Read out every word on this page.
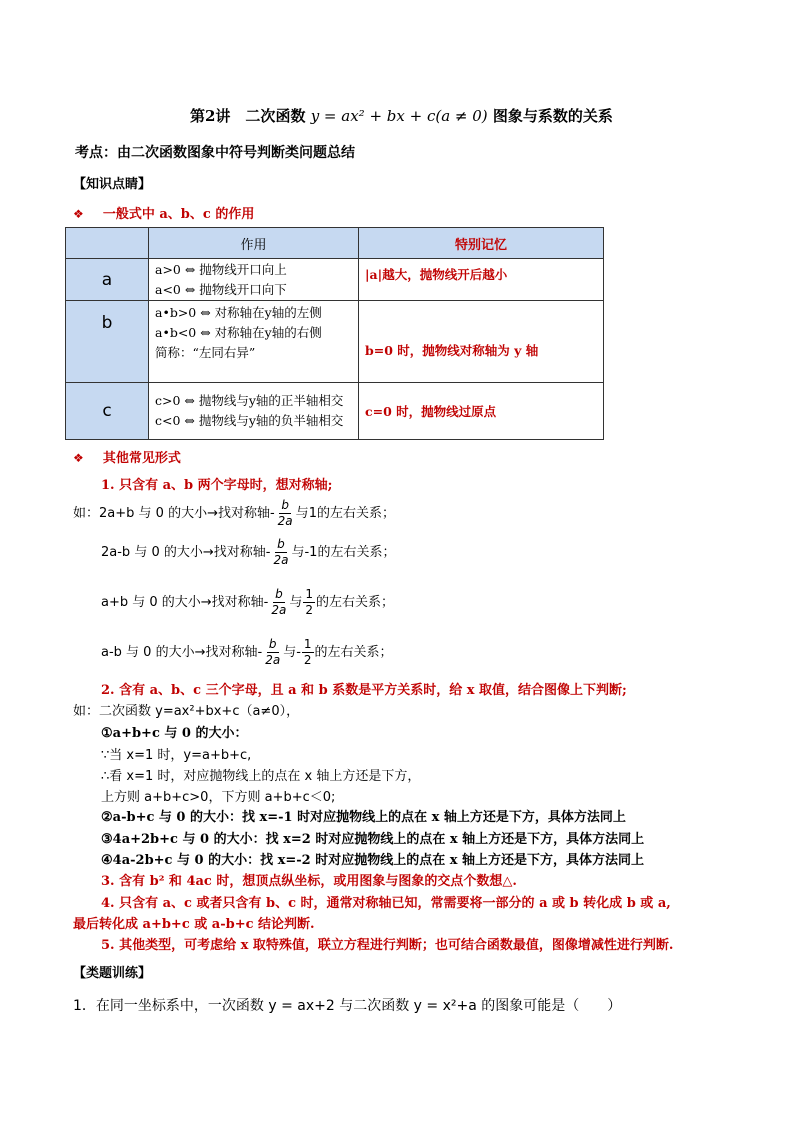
第2讲　二次函数 y = ax² + bx + c(a ≠ 0) 图象与系数的关系
考点：由二次函数图象中符号判断类问题总结
【知识点睛】
❖ 一般式中 a、b、c 的作用
	作用	特别记忆
a	a>0 ⇔ 抛物线开口向上
a<0 ⇔ 抛物线开口向下	|a|越大，抛物线开后越小
b	a•b>0 ⇔ 对称轴在y轴的左侧
a•b<0 ⇔ 对称轴在y轴的右侧
简称：“左同右异”	b=0 时，抛物线对称轴为 y 轴
c	c>0 ⇔ 抛物线与y轴的正半轴相交
c<0 ⇔ 抛物线与y轴的负半轴相交	c=0 时，抛物线过原点
❖ 其他常见形式
1. 只含有 a、b 两个字母时，想对称轴;
如：2a+b 与 0 的大小→找对称轴- $\frac{b}{2a}$ 与1的左右关系；
2a-b 与 0 的大小→找对称轴- $\frac{b}{2a}$ 与-1的左右关系；
a+b 与 0 的大小→找对称轴- $\frac{b}{2a}$ 与 $\frac{1}{2}$ 的左右关系；
a-b 与 0 的大小→找对称轴- $\frac{b}{2a}$ 与- $\frac{1}{2}$ 的左右关系；
2. 含有 a、b、c 三个字母，且 a 和 b 系数是平方关系时，给 x 取值，结合图像上下判断;
如：二次函数 y=ax²+bx+c（a≠0），
①a+b+c 与 0 的大小：
∵当 x=1 时，y=a+b+c,
∴看 x=1 时，对应抛物线上的点在 x 轴上方还是下方，
上方则 a+b+c>0，下方则 a+b+c＜0;
②a-b+c 与 0 的大小：找 x=-1 时对应抛物线上的点在 x 轴上方还是下方，具体方法同上
③4a+2b+c 与 0 的大小：找 x=2 时对应抛物线上的点在 x 轴上方还是下方，具体方法同上
④4a-2b+c 与 0 的大小：找 x=-2 时对应抛物线上的点在 x 轴上方还是下方，具体方法同上
3. 含有 b² 和 4ac 时，想顶点纵坐标，或用图象与图象的交点个数想△.
4. 只含有 a、c 或者只含有 b、c 时，通常对称轴已知，常需要将一部分的 a 或 b 转化成 b 或 a,
最后转化成 a+b+c 或 a-b+c 结论判断.
5. 其他类型，可考虑给 x 取特殊值，联立方程进行判断；也可结合函数最值，图像增减性进行判断.
【类题训练】
1．在同一坐标系中，一次函数 y = ax+2 与二次函数 y = x²+a 的图象可能是（　　）
